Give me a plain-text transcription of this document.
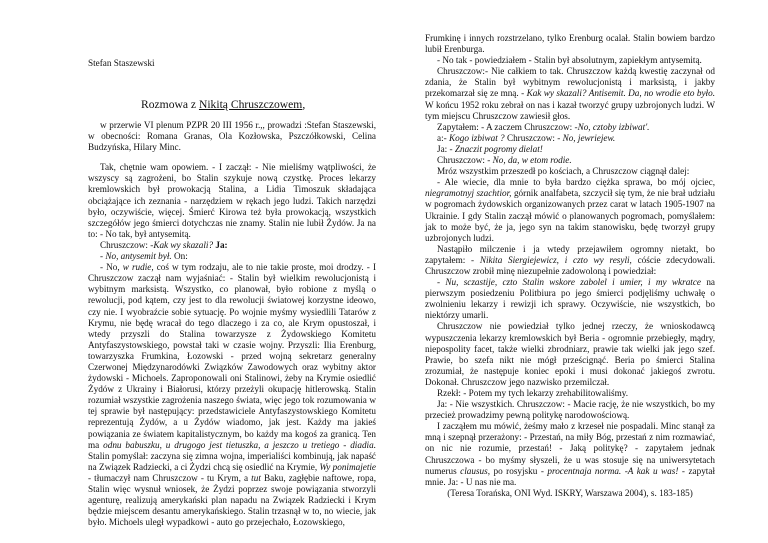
Stefan Staszewski
Rozmowa z Nikitą Chruszczowem,

w przerwie VI plenum PZPR 20 III 1956 r.,, prowadzi :Stefan Staszewski, w obecności: Romana Granas, Ola Kozłowska, Pszczółkowski, Celina Budzyńska, Hilary Minc.

Tak, chętnie wam opowiem. - I zaczął: - Nie mieliśmy wątpliwości, że wszyscy są zagrożeni, bo Stalin szykuje nową czystkę. Proces lekarzy kremlowskich był prowokacją Stalina, a Lidia Timoszuk składająca obciążające ich zeznania - narzędziem w rękach jego ludzi. Takich narzędzi było, oczywiście, więcej. Śmierć Kirowa też była prowokacją, wszystkich szczegółów jego śmierci dotychczas nie znamy. Stalin nie lubił Żydów. Ja na to: - No tak, był antysemitą.

Chruszczow: -Kak wy skazali? Ja:

- No, antysemit był. On:

- No, w rudie, coś w tym rodzaju, ale to nie takie proste, moi drodzy. - I Chruszczow zaczął nam wyjaśniać: - Stalin był wielkim rewolucjonistą i wybitnym marksistą. Wszystko, co planował, było robione z myślą o rewolucji, pod kątem, czy jest to dla rewolucji światowej korzystne ideowo, czy nie. I wyobraźcie sobie sytuację. Po wojnie myśmy wysiedlili Tatarów z Krymu, nie będę wracał do tego dlaczego i za co, ale Krym opustoszał, i wtedy przyszli do Stalina towarzysze z Żydowskiego Komitetu Antyfaszystowskiego, powstał taki w czasie wojny. Przyszli: Ilia Erenburg, towarzyszka Frumkina, Łozowski - przed wojną sekretarz generalny Czerwonej Międzynarodówki Związków Zawodowych oraz wybitny aktor żydowski - Michoels. Zaproponowali oni Stalinowi, żeby na Krymie osiedlić Żydów z Ukrainy i Białorusi, którzy przeżyli okupację hitlerowską. Stalin rozumiał wszystkie zagrożenia naszego świata, więc jego tok rozumowania w tej sprawie był następujący: przedstawiciele Antyfaszystowskiego Komitetu reprezentują Żydów, a u Żydów wiadomo, jak jest. Każdy ma jakieś powiązania ze światem kapitalistycznym, bo każdy ma kogoś za granicą. Ten ma odnu babuszku, u drugogo jest tietuszka, a jeszczo u tretiego - diadia. Stalin pomyślał: zaczyna się zimna wojna, imperialiści kombinują, jak napaść na Związek Radziecki, a ci Żydzi chcą się osiedlić na Krymie, Wy ponimajetie - tłumaczył nam Chruszczow - tu Krym, a tut Baku, zagłębie naftowe, ropa, Stalin więc wysnuł wniosek, że Żydzi poprzez swoje powiązania stworzyli agenturę, realizują amerykański plan napadu na Związek Radziecki i Krym będzie miejscem desantu amerykańskiego. Stalin trzasnął w to, no wiecie, jak było. Michoels uległ wypadkowi - auto go przejechało, Łozowskiego,

Frumkinę i innych rozstrzelano, tylko Erenburg ocalał. Stalin bowiem bardzo lubił Erenburga.

- No tak - powiedziałem - Stalin był absolutnym, zapiekłym antysemitą.

Chruszczow:- Nie całkiem to tak. Chruszczow każdą kwestię zaczynał od zdania, że Stalin był wybitnym rewolucjonistą i marksistą, i jakby przekomarzał się ze mną. - Kak wy skazali? Antisemit. Da, no wrodie eto było. W końcu 1952 roku zebrał on nas i kazał tworzyć grupy uzbrojonych ludzi. W tym miejscu Chruszczow zawiesił głos.

Zapytałem: - A zaczem Chruszczow: -No, cztoby izbiwat'.

a:- Kogo izbiwat ? Chruszczow: - No, jewriejew.

Ja: - Znaczit pogromy dielat!

Chruszczow: - No, da, w etom rodie.

Mróz wszystkim przeszedł po kościach, a Chruszczow ciągnął dalej:

- Ale wiecie, dla mnie to była bardzo ciężka sprawa, bo mój ojciec, niegramotnyj szachtior, górnik analfabeta, szczycił się tym, że nie brał udziału w pogromach żydowskich organizowanych przez carat w latach 1905-1907 na Ukrainie. I gdy Stalin zaczął mówić o planowanych pogromach, pomyślałem: jak to może być, że ja, jego syn na takim stanowisku, będę tworzył grupy uzbrojonych ludzi.

Nastąpiło milczenie i ja wtedy przejawiłem ogromny nietakt, bo zapytałem: - Nikita Siergiejewicz, i czto wy resyli, cóście zdecydowali. Chruszczow zrobił minę niezupełnie zadowoloną i powiedział:

- Nu, sczastije, czto Stalin wskore zabolel i umier, i my wkratce na pierwszym posiedzeniu Politbiura po jego śmierci podjęliśmy uchwałę o zwolnieniu lekarzy i rewizji ich sprawy. Oczywiście, nie wszystkich, bo niektórzy umarli.

Chruszczow nie powiedział tylko jednej rzeczy, że wnioskodawcą wypuszczenia lekarzy kremlowskich był Beria - ogromnie przebiegły, mądry, niepospolity facet, także wielki zbrodniarz, prawie tak wielki jak jego szef. Prawie, bo szefa nikt nie mógł prześcignąć. Beria po śmierci Stalina zrozumiał, że następuje koniec epoki i musi dokonać jakiegoś zwrotu. Dokonał. Chruszczow jego nazwisko przemilczał.

Rzekł: - Potem my tych lekarzy zrehabilitowaliśmy.

Ja: - Nie wszystkich. Chruszczow: - Macie rację, że nie wszystkich, bo my przecież prowadzimy pewną politykę narodowościową.

I zacząłem mu mówić, żeśmy mało z krzeseł nie pospadali. Minc stanął za mną i szepnął przerażony: - Przestań, na miły Bóg, przestań z nim rozmawiać, on nic nie rozumie, przestań! - Jaką politykę? - zapytałem jednak Chruszczowa - bo myśmy słyszeli, że u was stosuje się na uniwersytetach numerus clausus, po rosyjsku - procentnaja norma. -A kak u was! - zapytał mnie. Ja: - U nas nie ma.

(Teresa Torańska, ONI Wyd. ISKRY, Warszawa 2004), s. 183-185)
